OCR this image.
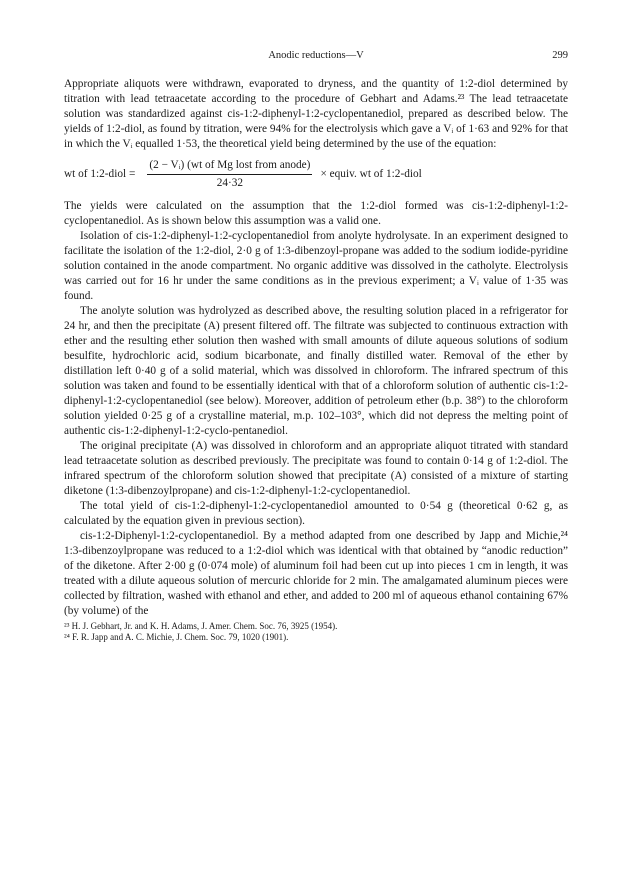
Anodic reductions—V	299

Appropriate aliquots were withdrawn, evaporated to dryness, and the quantity of 1:2-diol determined by titration with lead tetraacetate according to the procedure of Gebhart and Adams.²³ The lead tetraacetate solution was standardized against cis-1:2-diphenyl-1:2-cyclopentanediol, prepared as described below. The yields of 1:2-diol, as found by titration, were 94% for the electrolysis which gave a Vᵢ of 1·63 and 92% for that in which the Vᵢ equalled 1·53, the theoretical yield being determined by the use of the equation:

wt of 1:2-diol = $\frac{\text{(2 − Vᵢ) (wt of Mg lost from anode)}}{24\cdot 32}$ × equiv. wt of 1:2-diol

The yields were calculated on the assumption that the 1:2-diol formed was cis-1:2-diphenyl-1:2-cyclopentanediol. As is shown below this assumption was a valid one.

Isolation of cis-1:2-diphenyl-1:2-cyclopentanediol from anolyte hydrolysate. In an experiment designed to facilitate the isolation of the 1:2-diol, 2·0 g of 1:3-dibenzoyl-propane was added to the sodium iodide-pyridine solution contained in the anode compartment. No organic additive was dissolved in the catholyte. Electrolysis was carried out for 16 hr under the same conditions as in the previous experiment; a Vᵢ value of 1·35 was found.

The anolyte solution was hydrolyzed as described above, the resulting solution placed in a refrigerator for 24 hr, and then the precipitate (A) present filtered off. The filtrate was subjected to continuous extraction with ether and the resulting ether solution then washed with small amounts of dilute aqueous solutions of sodium besulfite, hydrochloric acid, sodium bicarbonate, and finally distilled water. Removal of the ether by distillation left 0·40 g of a solid material, which was dissolved in chloroform. The infrared spectrum of this solution was taken and found to be essentially identical with that of a chloroform solution of authentic cis-1:2-diphenyl-1:2-cyclopentanediol (see below). Moreover, addition of petroleum ether (b.p. 38°) to the chloroform solution yielded 0·25 g of a crystalline material, m.p. 102–103°, which did not depress the melting point of authentic cis-1:2-diphenyl-1:2-cyclo-pentanediol.

The original precipitate (A) was dissolved in chloroform and an appropriate aliquot titrated with standard lead tetraacetate solution as described previously. The precipitate was found to contain 0·14 g of 1:2-diol. The infrared spectrum of the chloroform solution showed that precipitate (A) consisted of a mixture of starting diketone (1:3-dibenzoylpropane) and cis-1:2-diphenyl-1:2-cyclopentanediol.

The total yield of cis-1:2-diphenyl-1:2-cyclopentanediol amounted to 0·54 g (theoretical 0·62 g, as calculated by the equation given in previous section).

cis-1:2-Diphenyl-1:2-cyclopentanediol. By a method adapted from one described by Japp and Michie,²⁴ 1:3-dibenzoylpropane was reduced to a 1:2-diol which was identical with that obtained by “anodic reduction” of the diketone. After 2·00 g (0·074 mole) of aluminum foil had been cut up into pieces 1 cm in length, it was treated with a dilute aqueous solution of mercuric chloride for 2 min. The amalgamated aluminum pieces were collected by filtration, washed with ethanol and ether, and added to 200 ml of aqueous ethanol containing 67% (by volume) of the

²³ H. J. Gebhart, Jr. and K. H. Adams, J. Amer. Chem. Soc. 76, 3925 (1954).

²⁴ F. R. Japp and A. C. Michie, J. Chem. Soc. 79, 1020 (1901).
